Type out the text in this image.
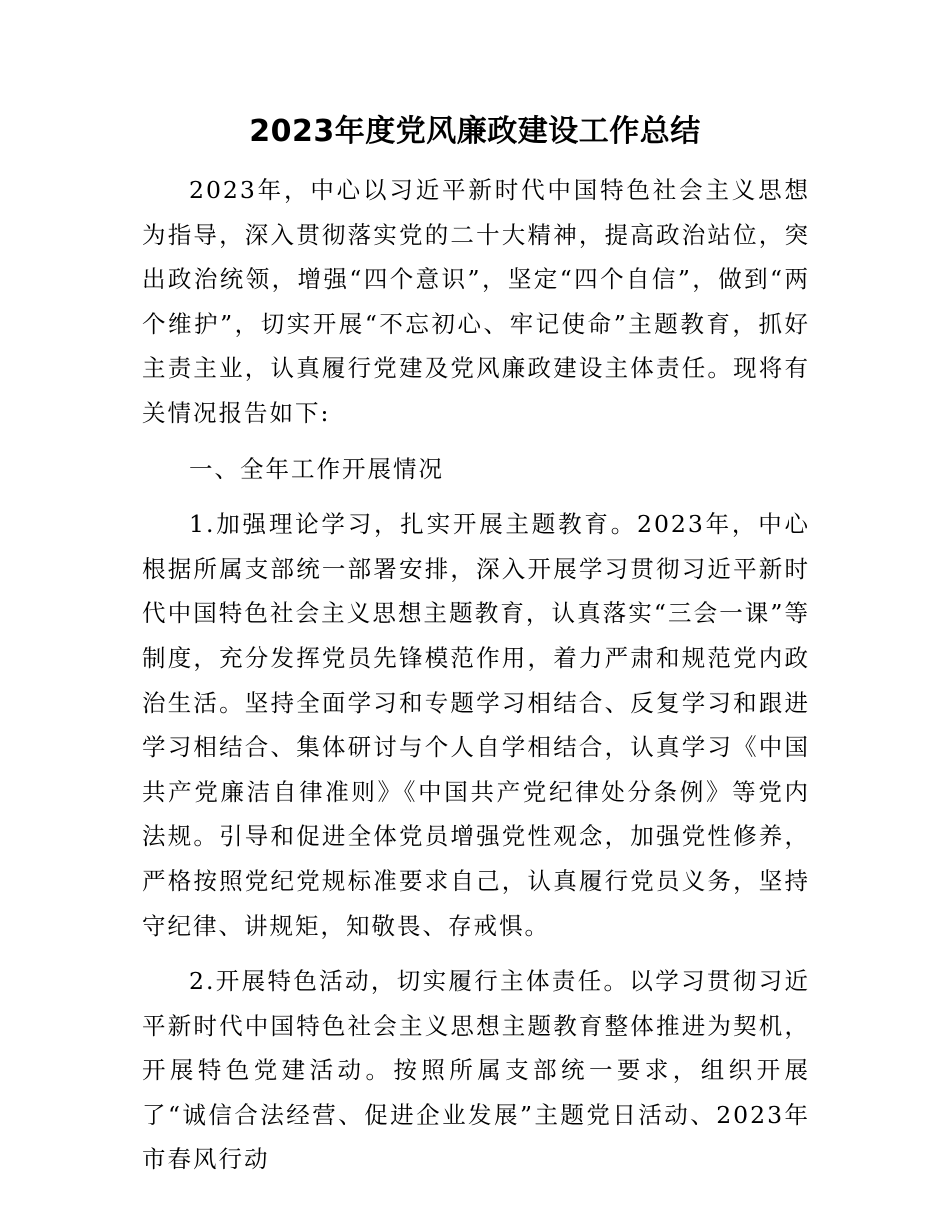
2023年度党风廉政建设工作总结

2023年，中心以习近平新时代中国特色社会主义思想为指导，深入贯彻落实党的二十大精神，提高政治站位，突出政治统领，增强“四个意识”，坚定“四个自信”，做到“两个维护”，切实开展“不忘初心、牢记使命”主题教育，抓好主责主业，认真履行党建及党风廉政建设主体责任。现将有关情况报告如下:

一、全年工作开展情况

1.加强理论学习，扎实开展主题教育。2023年，中心根据所属支部统一部署安排，深入开展学习贯彻习近平新时代中国特色社会主义思想主题教育，认真落实“三会一课”等制度，充分发挥党员先锋模范作用，着力严肃和规范党内政治生活。坚持全面学习和专题学习相结合、反复学习和跟进学习相结合、集体研讨与个人自学相结合，认真学习《中国共产党廉洁自律准则》《中国共产党纪律处分条例》等党内法规。引导和促进全体党员增强党性观念，加强党性修养，严格按照党纪党规标准要求自己，认真履行党员义务，坚持守纪律、讲规矩，知敬畏、存戒惧。

2.开展特色活动，切实履行主体责任。以学习贯彻习近平新时代中国特色社会主义思想主题教育整体推进为契机，开展特色党建活动。按照所属支部统一要求，组织开展了“诚信合法经营、促进企业发展”主题党日活动、2023年市春风行动
